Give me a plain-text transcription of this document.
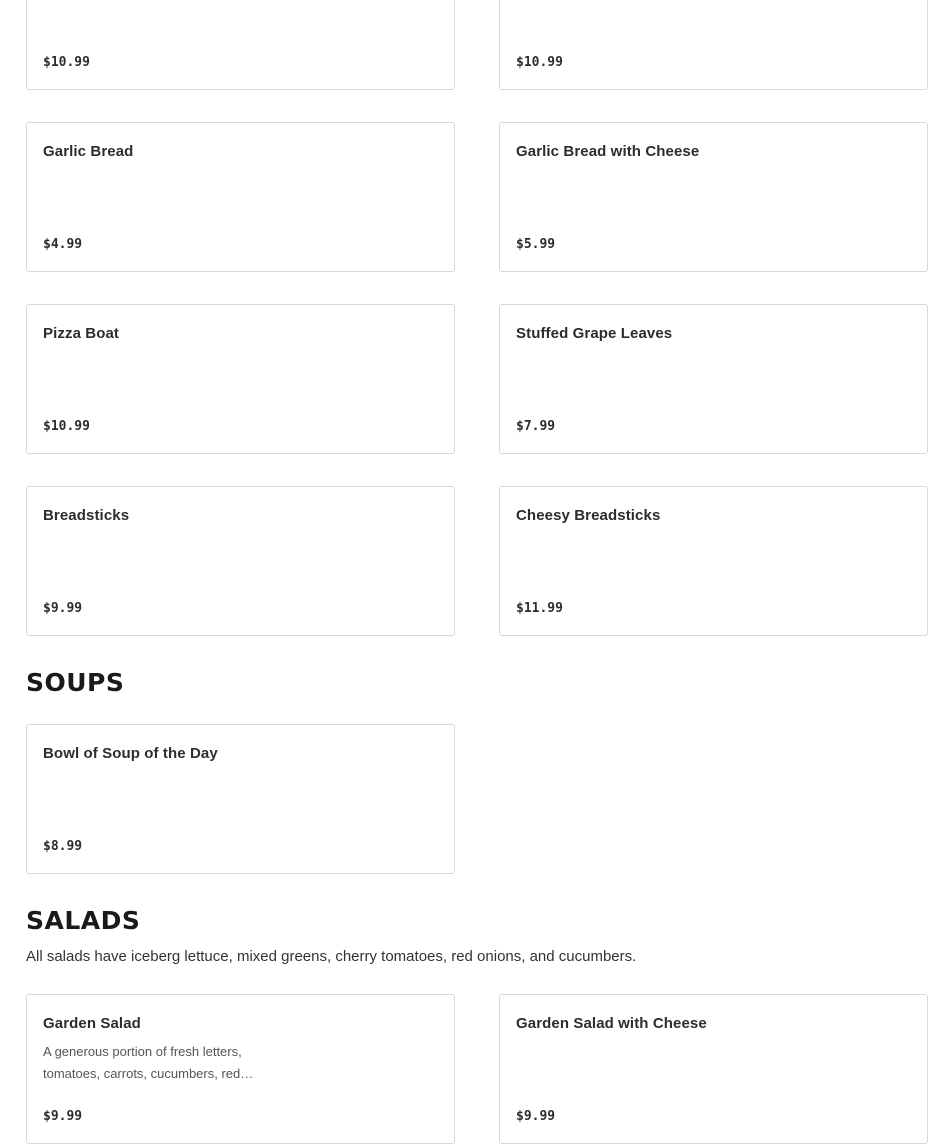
$10.99	$10.99
Garlic Bread
$4.99
Garlic Bread with Cheese
$5.99
Pizza Boat
$10.99
Stuffed Grape Leaves
$7.99
Breadsticks
$9.99
Cheesy Breadsticks
$11.99
SOUPS
Bowl of Soup of the Day
$8.99
SALADS
All salads have iceberg lettuce, mixed greens, cherry tomatoes, red onions, and cucumbers.
Garden Salad
A generous portion of fresh letters,
tomatoes, carrots, cucumbers, red…
$9.99
Garden Salad with Cheese
$9.99
